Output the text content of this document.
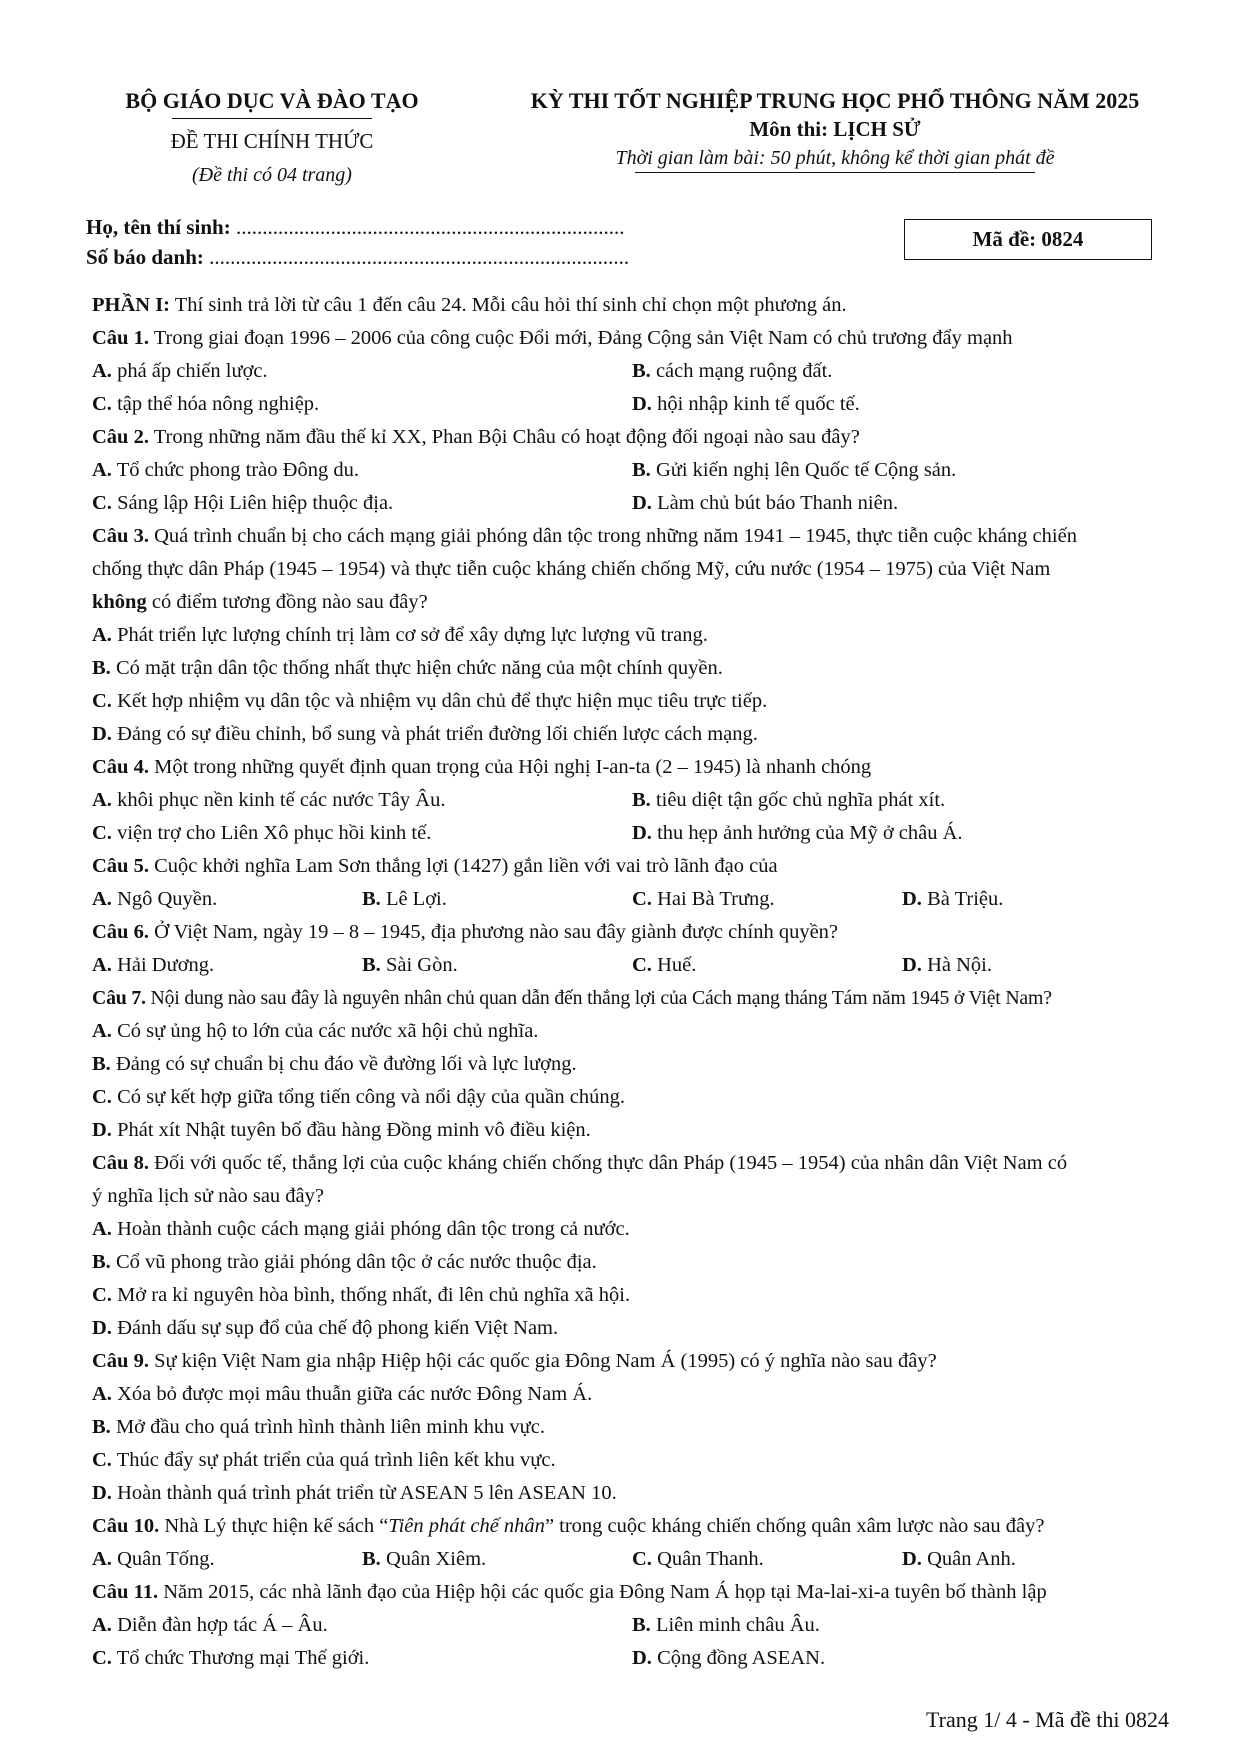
BỘ GIÁO DỤC VÀ ĐÀO TẠO
ĐỀ THI CHÍNH THỨC
(Đề thi có 04 trang)
KỲ THI TỐT NGHIỆP TRUNG HỌC PHỔ THÔNG NĂM 2025
Môn thi: LỊCH SỬ
Thời gian làm bài: 50 phút, không kể thời gian phát đề
Họ, tên thí sinh: ..........................................................................
Số báo danh: ................................................................................
Mã đề: 0824
PHẦN I: Thí sinh trả lời từ câu 1 đến câu 24. Mỗi câu hỏi thí sinh chỉ chọn một phương án.
Câu 1. Trong giai đoạn 1996 – 2006 của công cuộc Đổi mới, Đảng Cộng sản Việt Nam có chủ trương đẩy mạnh
A. phá ấp chiến lược.	B. cách mạng ruộng đất.
C. tập thể hóa nông nghiệp.	D. hội nhập kinh tế quốc tế.
Câu 2. Trong những năm đầu thế kỉ XX, Phan Bội Châu có hoạt động đối ngoại nào sau đây?
A. Tổ chức phong trào Đông du.	B. Gửi kiến nghị lên Quốc tế Cộng sản.
C. Sáng lập Hội Liên hiệp thuộc địa.	D. Làm chủ bút báo Thanh niên.
Câu 3. Quá trình chuẩn bị cho cách mạng giải phóng dân tộc trong những năm 1941 – 1945, thực tiễn cuộc kháng chiến
chống thực dân Pháp (1945 – 1954) và thực tiễn cuộc kháng chiến chống Mỹ, cứu nước (1954 – 1975) của Việt Nam
không có điểm tương đồng nào sau đây?
A. Phát triển lực lượng chính trị làm cơ sở để xây dựng lực lượng vũ trang.
B. Có mặt trận dân tộc thống nhất thực hiện chức năng của một chính quyền.
C. Kết hợp nhiệm vụ dân tộc và nhiệm vụ dân chủ để thực hiện mục tiêu trực tiếp.
D. Đảng có sự điều chỉnh, bổ sung và phát triển đường lối chiến lược cách mạng.
Câu 4. Một trong những quyết định quan trọng của Hội nghị I-an-ta (2 – 1945) là nhanh chóng
A. khôi phục nền kinh tế các nước Tây Âu.	B. tiêu diệt tận gốc chủ nghĩa phát xít.
C. viện trợ cho Liên Xô phục hồi kinh tế.	D. thu hẹp ảnh hưởng của Mỹ ở châu Á.
Câu 5. Cuộc khởi nghĩa Lam Sơn thắng lợi (1427) gắn liền với vai trò lãnh đạo của
A. Ngô Quyền.	B. Lê Lợi.	C. Hai Bà Trưng.	D. Bà Triệu.
Câu 6. Ở Việt Nam, ngày 19 – 8 – 1945, địa phương nào sau đây giành được chính quyền?
A. Hải Dương.	B. Sài Gòn.	C. Huế.	D. Hà Nội.
Câu 7. Nội dung nào sau đây là nguyên nhân chủ quan dẫn đến thắng lợi của Cách mạng tháng Tám năm 1945 ở Việt Nam?
A. Có sự ủng hộ to lớn của các nước xã hội chủ nghĩa.
B. Đảng có sự chuẩn bị chu đáo về đường lối và lực lượng.
C. Có sự kết hợp giữa tổng tiến công và nổi dậy của quần chúng.
D. Phát xít Nhật tuyên bố đầu hàng Đồng minh vô điều kiện.
Câu 8. Đối với quốc tế, thắng lợi của cuộc kháng chiến chống thực dân Pháp (1945 – 1954) của nhân dân Việt Nam có
ý nghĩa lịch sử nào sau đây?
A. Hoàn thành cuộc cách mạng giải phóng dân tộc trong cả nước.
B. Cổ vũ phong trào giải phóng dân tộc ở các nước thuộc địa.
C. Mở ra kỉ nguyên hòa bình, thống nhất, đi lên chủ nghĩa xã hội.
D. Đánh dấu sự sụp đổ của chế độ phong kiến Việt Nam.
Câu 9. Sự kiện Việt Nam gia nhập Hiệp hội các quốc gia Đông Nam Á (1995) có ý nghĩa nào sau đây?
A. Xóa bỏ được mọi mâu thuẫn giữa các nước Đông Nam Á.
B. Mở đầu cho quá trình hình thành liên minh khu vực.
C. Thúc đẩy sự phát triển của quá trình liên kết khu vực.
D. Hoàn thành quá trình phát triển từ ASEAN 5 lên ASEAN 10.
Câu 10. Nhà Lý thực hiện kế sách “Tiên phát chế nhân” trong cuộc kháng chiến chống quân xâm lược nào sau đây?
A. Quân Tống.	B. Quân Xiêm.	C. Quân Thanh.	D. Quân Anh.
Câu 11. Năm 2015, các nhà lãnh đạo của Hiệp hội các quốc gia Đông Nam Á họp tại Ma-lai-xi-a tuyên bố thành lập
A. Diễn đàn hợp tác Á – Âu.	B. Liên minh châu Âu.
C. Tổ chức Thương mại Thế giới.	D. Cộng đồng ASEAN.
Trang 1/ 4 - Mã đề thi 0824
